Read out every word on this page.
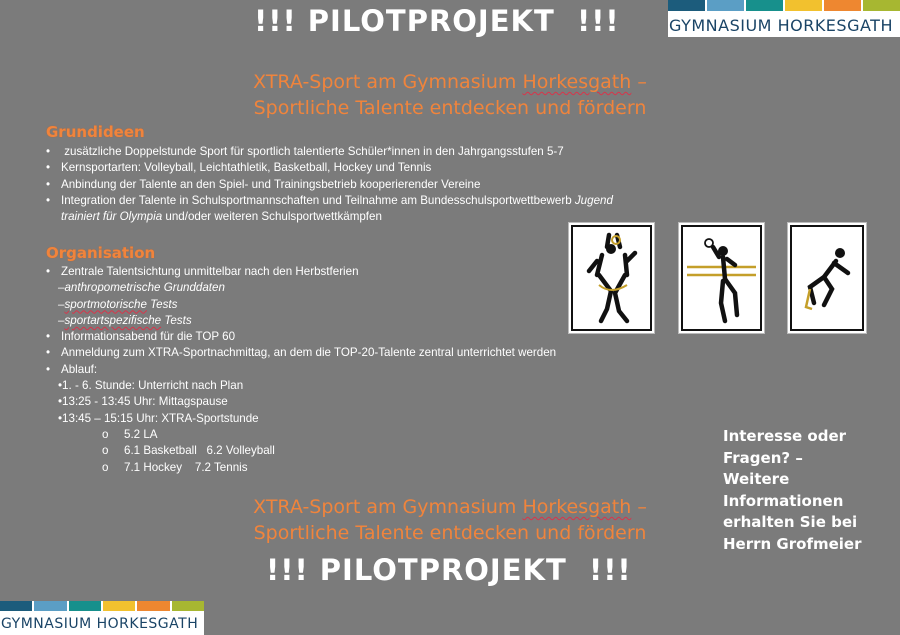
!!! PILOTPROJEKT  !!!	GYMNASIUM HORKESGATH
XTRA-Sport am Gymnasium Horkesgath –
Sportliche Talente entdecken und fördern
Grundideen
• zusätzliche Doppelstunde Sport für sportlich talentierte Schüler*innen in den Jahrgangsstufen 5-7
• Kernsportarten: Volleyball, Leichtathletik, Basketball, Hockey und Tennis
• Anbindung der Talente an den Spiel- und Trainingsbetrieb kooperierender Vereine
• Integration der Talente in Schulsportmannschaften und Teilnahme am Bundesschulsportwettbewerb Jugend
trainiert für Olympia und/oder weiteren Schulsportwettkämpfen
Organisation
• Zentrale Talentsichtung unmittelbar nach den Herbstferien
–anthropometrische Grunddaten
–sportmotorische Tests
–sportartspezifische Tests
• Informationsabend für die TOP 60
• Anmeldung zum XTRA-Sportnachmittag, an dem die TOP-20-Talente zentral unterrichtet werden
• Ablauf:
•1. - 6. Stunde: Unterricht nach Plan
•13:25 - 13:45 Uhr: Mittagspause
•13:45 – 15:15 Uhr: XTRA-Sportstunde
o 5.2 LA
o 6.1 Basketball   6.2 Volleyball
o 7.1 Hockey    7.2 Tennis
Interesse oder
Fragen? –
Weitere
Informationen
erhalten Sie bei
Herrn Grofmeier
XTRA-Sport am Gymnasium Horkesgath –
Sportliche Talente entdecken und fördern
!!! PILOTPROJEKT  !!!
GYMNASIUM HORKESGATH
